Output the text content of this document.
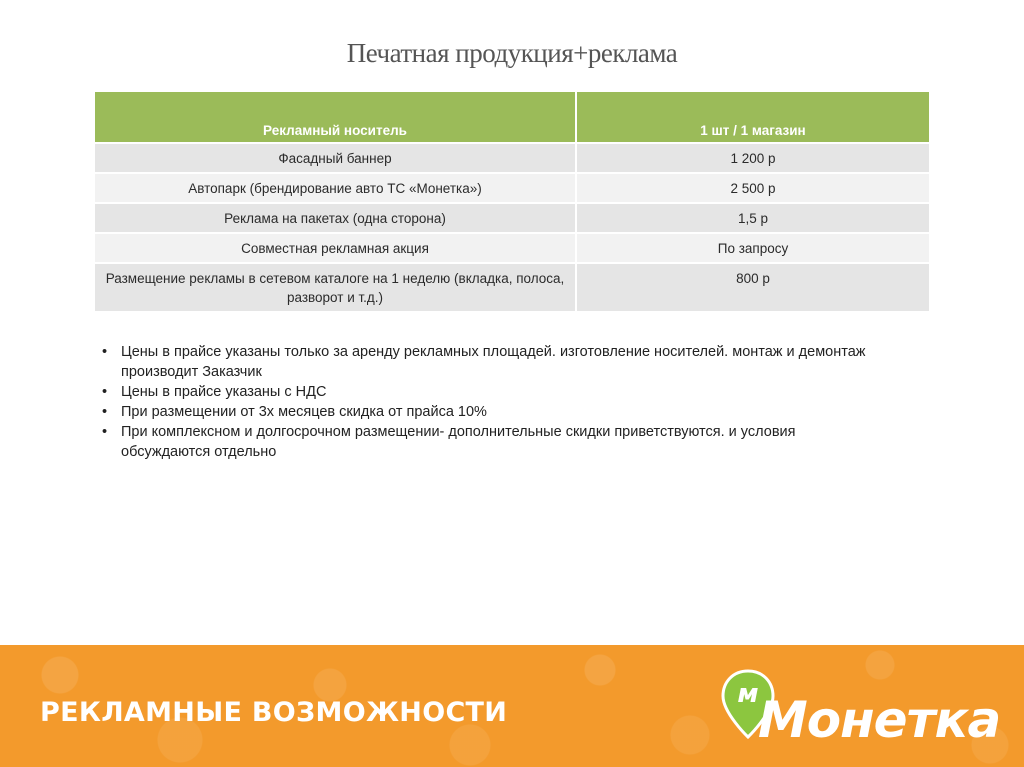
Печатная продукция+реклама
Рекламный носитель	1 шт / 1 магазин
Фасадный баннер	1 200 р
Автопарк (брендирование авто ТС «Монетка»)	2 500 р
Реклама на пакетах (одна сторона)	1,5 р
Совместная рекламная акция	По запросу
Размещение рекламы в сетевом каталоге на 1 неделю (вкладка, полоса, разворот и т.д.)	800 р
• Цены в прайсе указаны только за аренду рекламных площадей. изготовление носителей. монтаж и демонтаж производит Заказчик
• Цены в прайсе указаны с НДС
• При размещении от 3х месяцев скидка от прайса 10%
• При комплексном и долгосрочном размещении- дополнительные скидки приветствуются. и условия обсуждаются отдельно
РЕКЛАМНЫЕ ВОЗМОЖНОСТИ
м Монетка
